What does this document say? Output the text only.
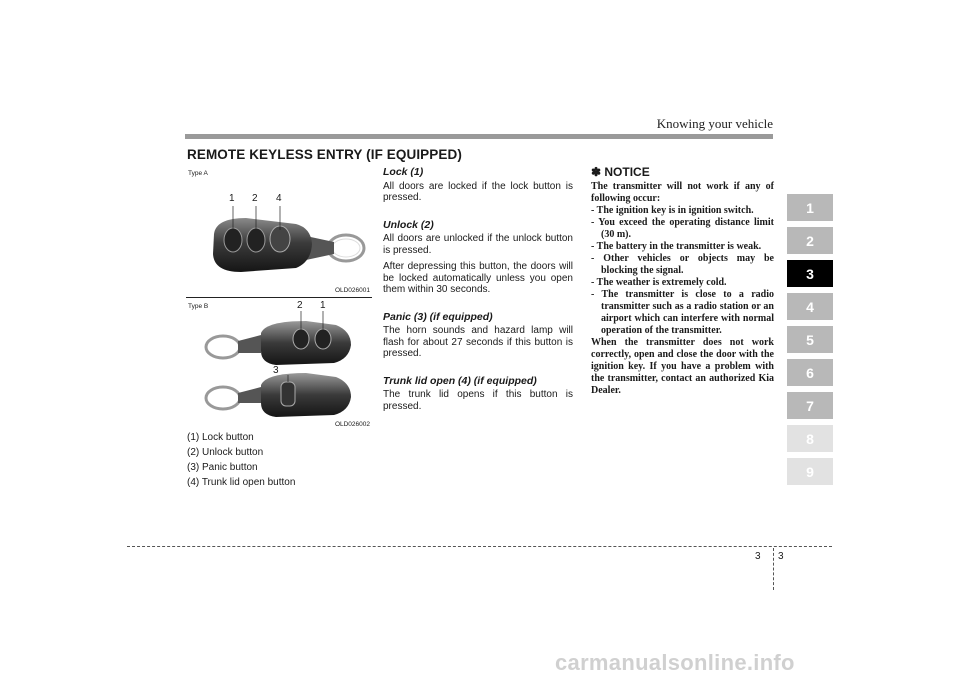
Knowing your vehicle
REMOTE KEYLESS ENTRY (IF EQUIPPED)
Type A
1 2 4
OLD026001
Type B	2 1
3
OLD026002
(1) Lock button
(2) Unlock button
(3) Panic button
(4) Trunk lid open button
Lock (1)

All doors are locked if the lock button is pressed.

Unlock (2)

All doors are unlocked if the unlock button is pressed.

After depressing this button, the doors will be locked automatically unless you open them within 30 seconds.

Panic (3) (if equipped)

The horn sounds and hazard lamp will flash for about 27 seconds if this button is pressed.

Trunk lid open (4) (if equipped)

The trunk lid opens if this button is pressed.

✽ NOTICE
The transmitter will not work if any of following occur:
- The ignition key is in ignition switch.
- You exceed the operating distance limit (30 m).
- The battery in the transmitter is weak.
- Other vehicles or objects may be blocking the signal.
- The weather is extremely cold.
- The transmitter is close to a radio transmitter such as a radio station or an airport which can interfere with normal operation of the transmitter.
When the transmitter does not work correctly, open and close the door with the ignition key. If you have a problem with the transmitter, contact an authorized Kia Dealer.
1
2
3
4
5
6
7
8
9
3 3
carmanualsonline.info
